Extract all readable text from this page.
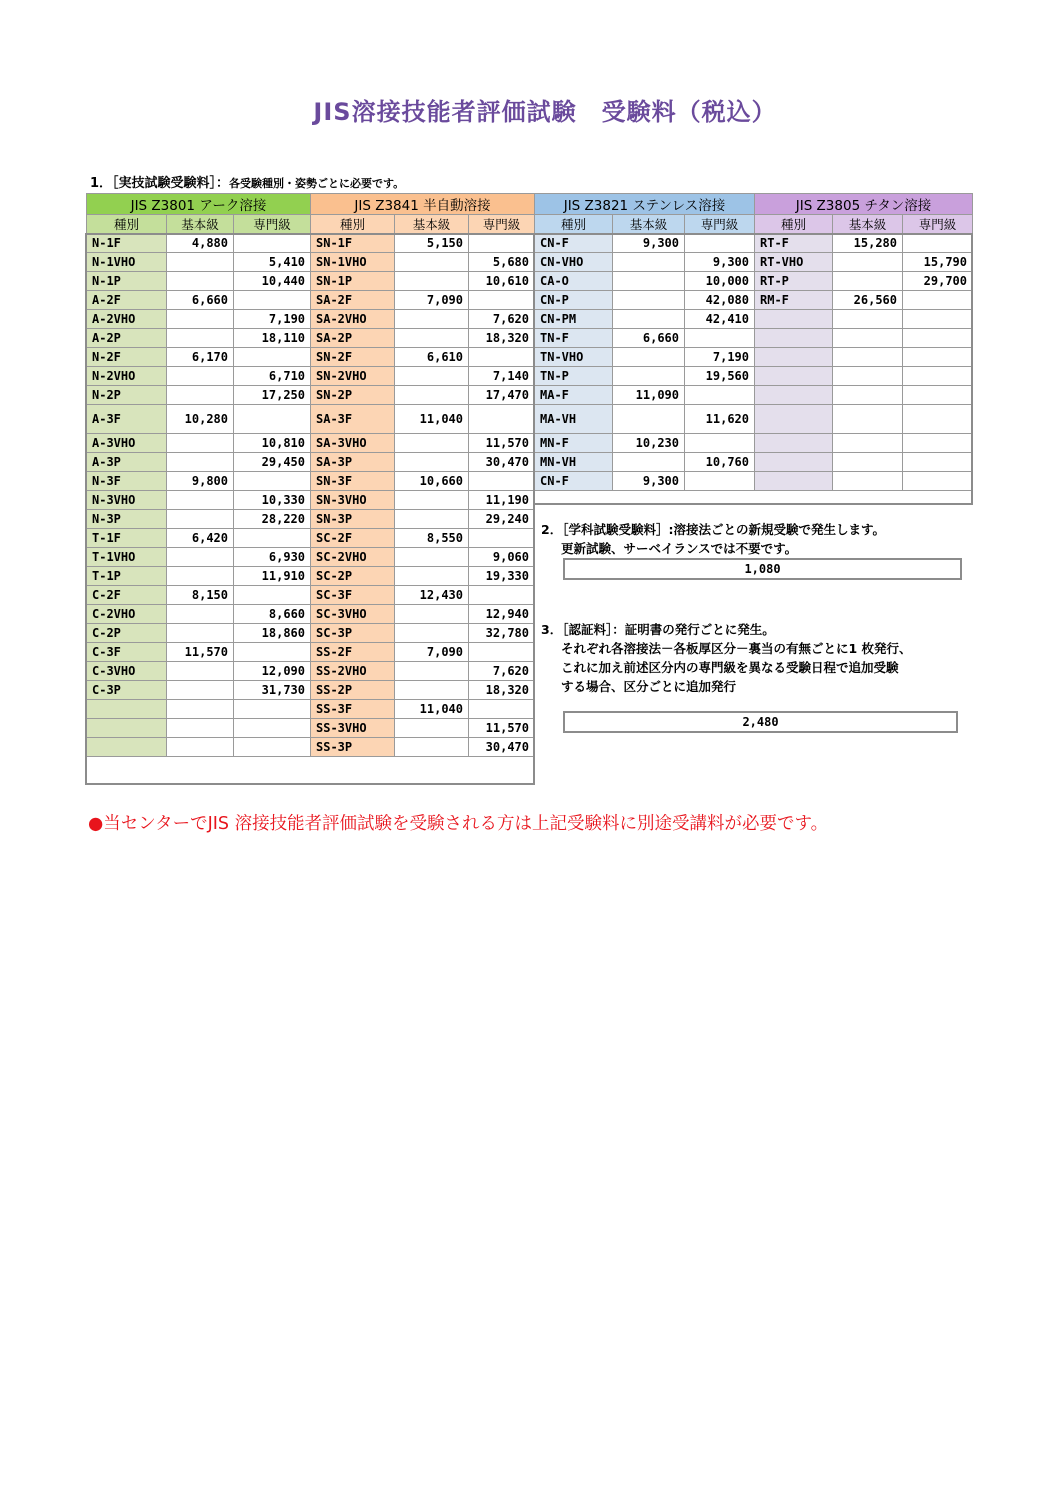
JIS溶接技能者評価試験　受験料（税込）
1．［実技試験受験料］：各受験種別・姿勢ごとに必要です。
JIS Z3801 アーク溶接		
種別	基本級	専門級
N-1F	4,880	
N-1VHO		5,410
N-1P		10,440
A-2F	6,660	
A-2VHO		7,190
A-2P		18,110
N-2F	6,170	
N-2VHO		6,710
N-2P		17,250
A-3F	10,280	
A-3VHO		10,810
A-3P		29,450
N-3F	9,800	
N-3VHO		10,330
N-3P		28,220
T-1F	6,420	
T-1VHO		6,930
T-1P		11,910
C-2F	8,150	
C-2VHO		8,660
C-2P		18,860
C-3F	11,570	
C-3VHO		12,090
C-3P		31,730

JIS Z3841 半自動溶接		
種別	基本級	専門級
SN-1F	5,150	
SN-1VHO		5,680
SN-1P		10,610
SA-2F	7,090	
SA-2VHO		7,620
SA-2P		18,320
SN-2F	6,610	
SN-2VHO		7,140
SN-2P		17,470
SA-3F	11,040	
SA-3VHO		11,570
SA-3P		30,470
SN-3F	10,660	
SN-3VHO		11,190
SN-3P		29,240
SC-2F	8,550	
SC-2VHO		9,060
SC-2P		19,330
SC-3F	12,430	
SC-3VHO		12,940
SC-3P		32,780
SS-2F	7,090	
SS-2VHO		7,620
SS-2P		18,320
SS-3F	11,040	
SS-3VHO		11,570
SS-3P		30,470
JIS Z3821 ステンレス溶接		
種別	基本級	専門級
CN-F	9,300	
CN-VHO		9,300
CA-O		10,000
CN-P		42,080
CN-PM		42,410
TN-F	6,660	
TN-VHO		7,190
TN-P		19,560
MA-F	11,090	
MA-VH		11,620
MN-F	10,230	
MN-VH		10,760
CN-F	9,300	
JIS Z3805 チタン溶接		
種別	基本級	専門級
RT-F	15,280	
RT-VHO		15,790
RT-P		29,700
RM-F	26,560	

2．［学科試験受験料］:溶接法ごとの新規受験で発生します。
更新試験、サーベイランスでは不要です。
1,080
3．［認証料］：証明書の発行ごとに発生。
それぞれ各溶接法－各板厚区分－裏当の有無ごとに1 枚発行、
これに加え前述区分内の専門級を異なる受験日程で追加受験
する場合、区分ごとに追加発行
2,480
●当センターでJIS 溶接技能者評価試験を受験される方は上記受験料に別途受講料が必要です。
